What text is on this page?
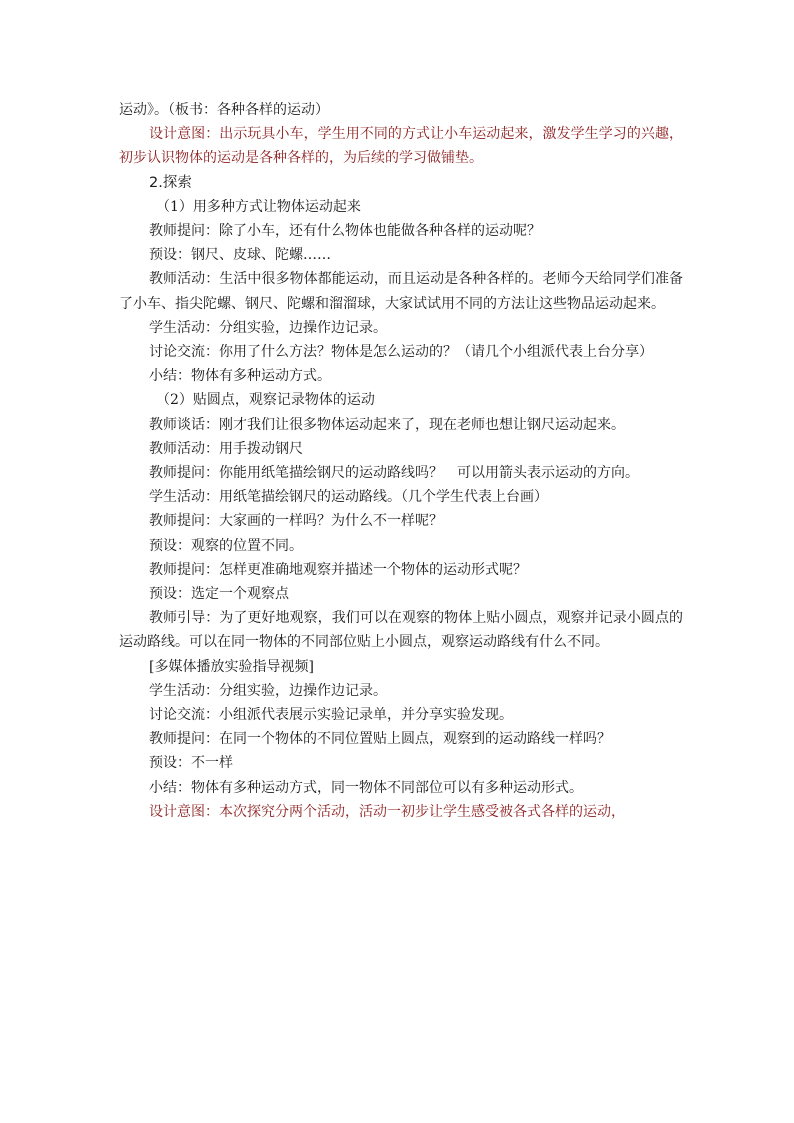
运动》。（板书：各种各样的运动）

设计意图：出示玩具小车，学生用不同的方式让小车运动起来，激发学生学习的兴趣，初步认识物体的运动是各种各样的，为后续的学习做铺垫。

2.探索

（1）用多种方式让物体运动起来

教师提问：除了小车，还有什么物体也能做各种各样的运动呢？

预设：钢尺、皮球、陀螺……

教师活动：生活中很多物体都能运动，而且运动是各种各样的。老师今天给同学们准备了小车、指尖陀螺、钢尺、陀螺和溜溜球，大家试试用不同的方法让这些物品运动起来。

学生活动：分组实验，边操作边记录。

讨论交流：你用了什么方法？物体是怎么运动的？（请几个小组派代表上台分享）

小结：物体有多种运动方式。

（2）贴圆点，观察记录物体的运动

教师谈话：刚才我们让很多物体运动起来了，现在老师也想让钢尺运动起来。

教师活动：用手拨动钢尺

教师提问：你能用纸笔描绘钢尺的运动路线吗？　可以用箭头表示运动的方向。

学生活动：用纸笔描绘钢尺的运动路线。（几个学生代表上台画）

教师提问：大家画的一样吗？为什么不一样呢？

预设：观察的位置不同。

教师提问：怎样更准确地观察并描述一个物体的运动形式呢？

预设：选定一个观察点

教师引导：为了更好地观察，我们可以在观察的物体上贴小圆点，观察并记录小圆点的运动路线。可以在同一物体的不同部位贴上小圆点，观察运动路线有什么不同。

[多媒体播放实验指导视频]

学生活动：分组实验，边操作边记录。

讨论交流：小组派代表展示实验记录单，并分享实验发现。

教师提问：在同一个物体的不同位置贴上圆点，观察到的运动路线一样吗？

预设：不一样

小结：物体有多种运动方式，同一物体不同部位可以有多种运动形式。

设计意图：本次探究分两个活动，活动一初步让学生感受被各式各样的运动，
